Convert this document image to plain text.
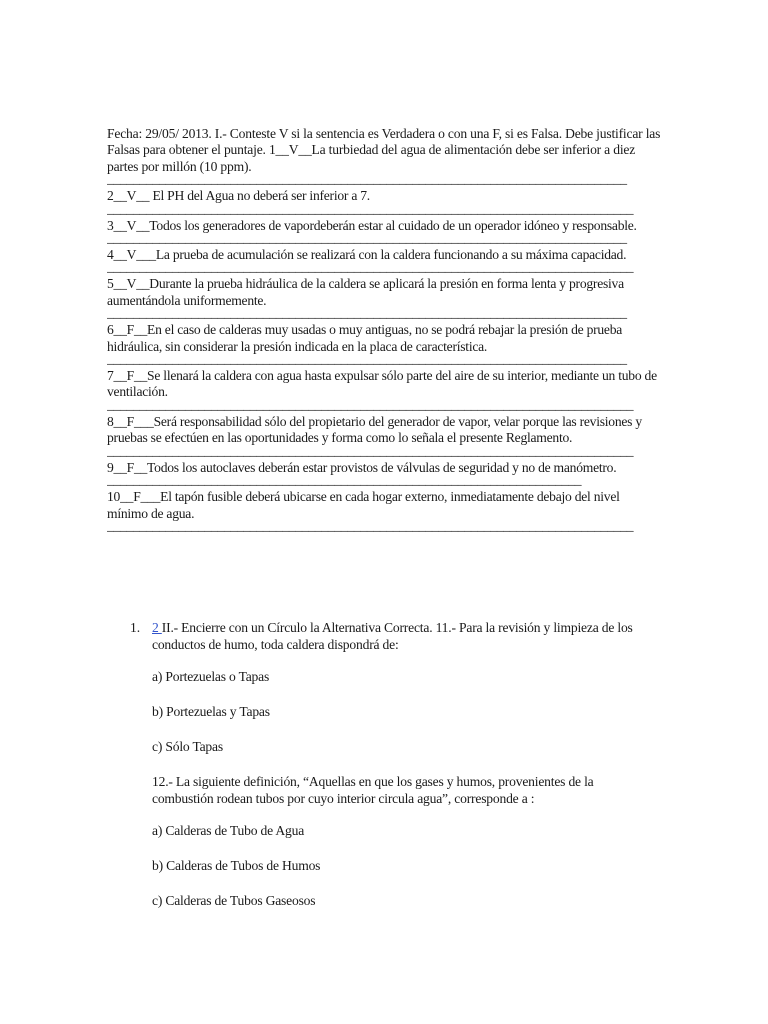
Fecha: 29/05/ 2013. I.- Conteste V si la sentencia es Verdadera o con una F, si es Falsa. Debe justificar las Falsas para obtener el puntaje. 1__V__La turbiedad del agua de alimentación debe ser inferior a diez partes por millón (10 ppm).

________________________________________________________________________________

2__V__ El PH del Agua no deberá ser inferior a 7.

_________________________________________________________________________________

3__V__Todos los generadores de vapordeberán estar al cuidado de un operador idóneo y responsable.

________________________________________________________________________________

4__V___La prueba de acumulación se realizará con la caldera funcionando a su máxima capacidad.

_________________________________________________________________________________

5__V__Durante la prueba hidráulica de la caldera se aplicará la presión en forma lenta y progresiva aumentándola uniformemente.

________________________________________________________________________________

6__F__En el caso de calderas muy usadas o muy antiguas, no se podrá rebajar la presión de prueba hidráulica, sin considerar la presión indicada en la placa de característica.

________________________________________________________________________________

7__F__Se llenará la caldera con agua hasta expulsar sólo parte del aire de su interior, mediante un tubo de ventilación.

_________________________________________________________________________________

8__F___Será responsabilidad sólo del propietario del generador de vapor, velar porque las revisiones y pruebas se efectúen en las oportunidades y forma como lo señala el presente Reglamento.

_________________________________________________________________________________

9__F__Todos los autoclaves deberán estar provistos de válvulas de seguridad y no de manómetro.

_________________________________________________________________________

10__F___El tapón fusible deberá ubicarse en cada hogar externo, inmediatamente debajo del nivel mínimo de agua.

_________________________________________________________________________________
1. 2 II.- Encierre con un Círculo la Alternativa Correcta. 11.- Para la revisión y limpieza de los conductos de humo, toda caldera dispondrá de:
a) Portezuelas o Tapas
b) Portezuelas y Tapas
c) Sólo Tapas
12.- La siguiente definición, “Aquellas en que los gases y humos, provenientes de la combustión rodean tubos por cuyo interior circula agua”, corresponde a :
a) Calderas de Tubo de Agua
b) Calderas de Tubos de Humos
c) Calderas de Tubos Gaseosos
